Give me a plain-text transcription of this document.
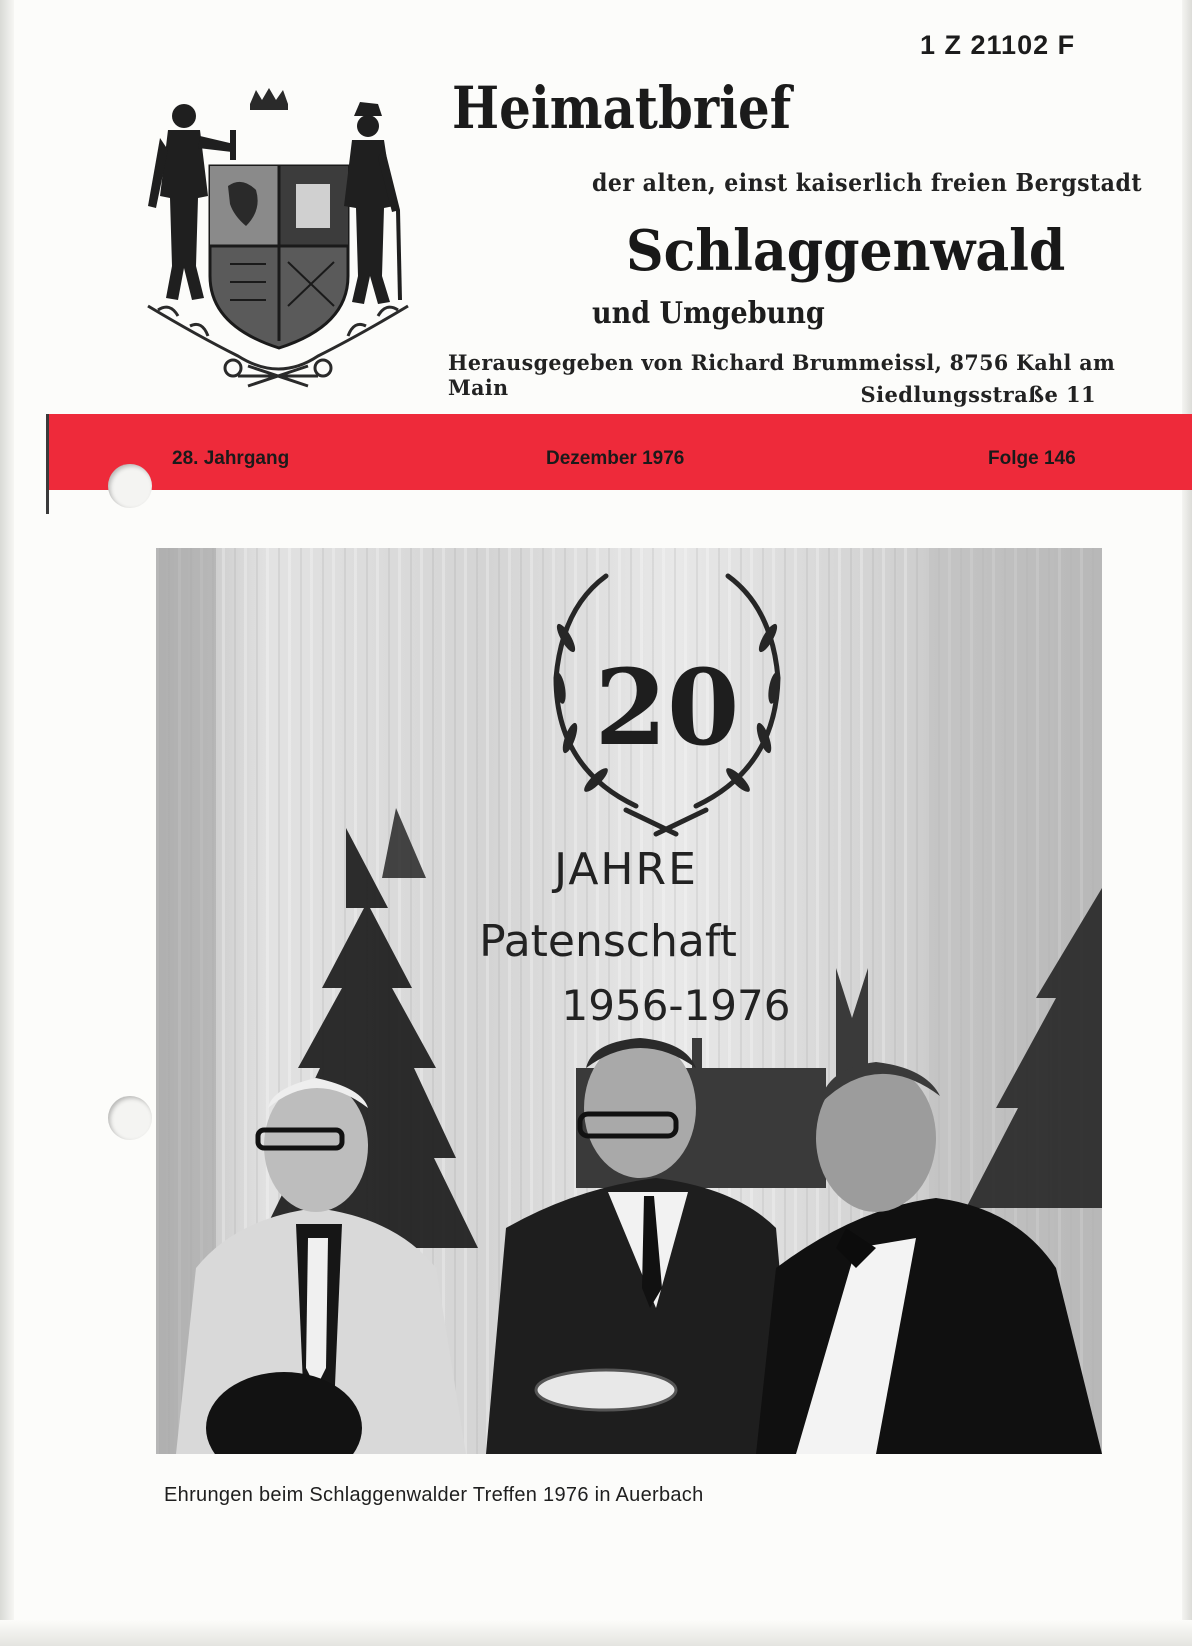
1 Z 21102 F
Heimatbrief
der alten, einst kaiserlich freien Bergstadt
Schlaggenwald
und Umgebung
Herausgegeben von Richard Brummeissl, 8756 Kahl am Main	Siedlungsstraße 11
28. Jahrgang	Dezember 1976	Folge 146
20
JAHRE
Patenschaft
1956-1976
Ehrungen beim Schlaggenwalder Treffen 1976 in Auerbach
